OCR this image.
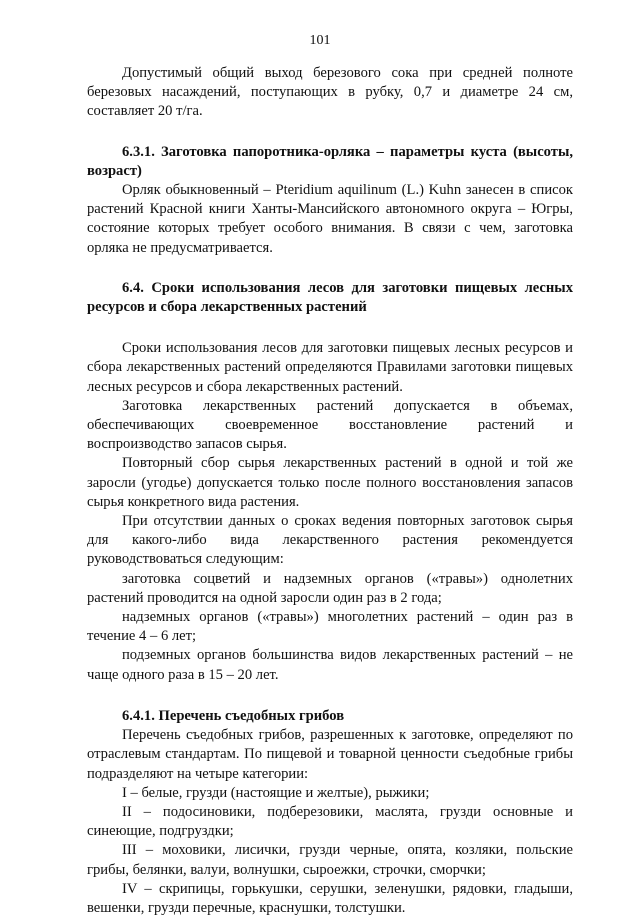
101

Допустимый общий выход березового сока при средней полноте березовых насаждений, поступающих в рубку, 0,7 и диаметре 24 см, составляет 20 т/га.

6.3.1. Заготовка папоротника-орляка – параметры куста (высоты, возраст)

Орляк обыкновенный – Pteridium aquilinum (L.) Kuhn занесен в список растений Красной книги Ханты-Мансийского автономного округа – Югры, состояние которых требует особого внимания. В связи с чем, заготовка орляка не предусматривается.

6.4. Сроки использования лесов для заготовки пищевых лесных ресурсов и сбора лекарственных растений

Сроки использования лесов для заготовки пищевых лесных ресурсов и сбора лекарственных растений определяются Правилами заготовки пищевых лесных ресурсов и сбора лекарственных растений.

Заготовка лекарственных растений допускается в объемах, обеспечивающих своевременное восстановление растений и воспроизводство запасов сырья.

Повторный сбор сырья лекарственных растений в одной и той же заросли (угодье) допускается только после полного восстановления запасов сырья конкретного вида растения.

При отсутствии данных о сроках ведения повторных заготовок сырья для какого-либо вида лекарственного растения рекомендуется руководствоваться следующим:

заготовка соцветий и надземных органов («травы») однолетних растений проводится на одной заросли один раз в 2 года;

надземных органов («травы») многолетних растений – один раз в течение 4 – 6 лет;

подземных органов большинства видов лекарственных растений – не чаще одного раза в 15 – 20 лет.

6.4.1. Перечень съедобных грибов

Перечень съедобных грибов, разрешенных к заготовке, определяют по отраслевым стандартам. По пищевой и товарной ценности съедобные грибы подразделяют на четыре категории:

I – белые, грузди (настоящие и желтые), рыжики;

II – подосиновики, подберезовики, маслята, грузди основные и синеющие, подгруздки;

III – моховики, лисички, грузди черные, опята, козляки, польские грибы, белянки, валуи, волнушки, сыроежки, строчки, сморчки;

IV – скрипицы, горькушки, серушки, зеленушки, рядовки, гладыши, вешенки, грузди перечные, краснушки, толстушки.
